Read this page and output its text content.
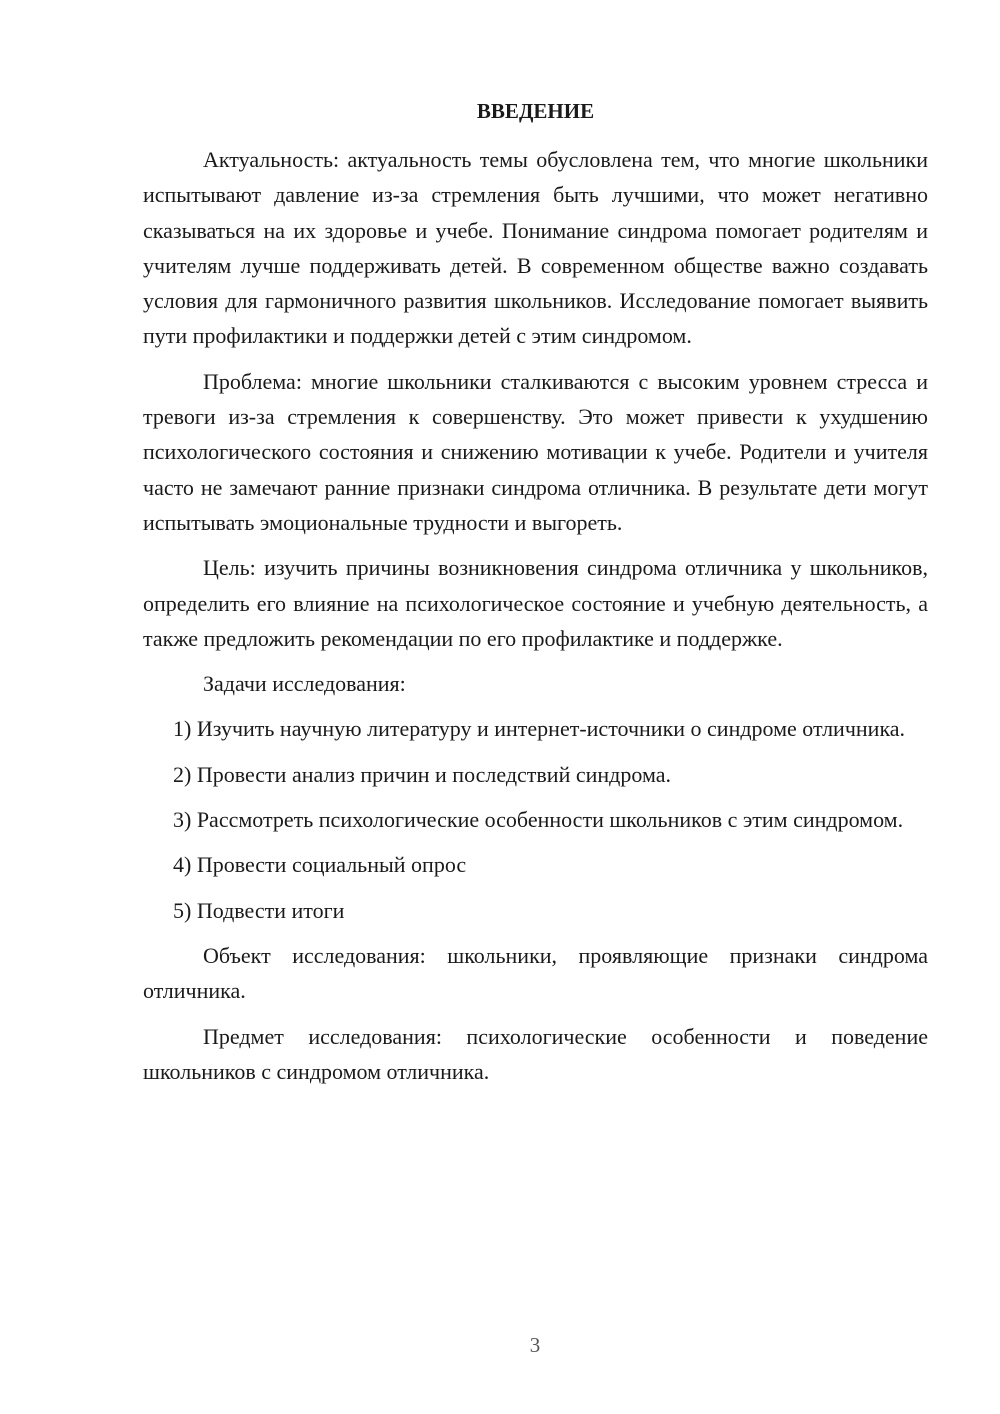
ВВЕДЕНИЕ

Актуальность: актуальность темы обусловлена тем, что многие школьники испытывают давление из-за стремления быть лучшими, что может негативно сказываться на их здоровье и учебе. Понимание синдрома помогает родителям и учителям лучше поддерживать детей. В современном обществе важно создавать условия для гармоничного развития школьников. Исследование помогает выявить пути профилактики и поддержки детей с этим синдромом.

Проблема: многие школьники сталкиваются с высоким уровнем стресса и тревоги из-за стремления к совершенству. Это может привести к ухудшению психологического состояния и снижению мотивации к учебе. Родители и учителя часто не замечают ранние признаки синдрома отличника. В результате дети могут испытывать эмоциональные трудности и выгореть.

Цель: изучить причины возникновения синдрома отличника у школьников, определить его влияние на психологическое состояние и учебную деятельность, а также предложить рекомендации по его профилактике и поддержке.

Задачи исследования:

1) Изучить научную литературу и интернет-источники о синдроме отличника.

2) Провести анализ причин и последствий синдрома.

3) Рассмотреть психологические особенности школьников с этим синдромом.

4) Провести социальный опрос

5) Подвести итоги

Объект исследования: школьники, проявляющие признаки синдрома отличника.

Предмет исследования: психологические особенности и поведение школьников с синдромом отличника.

3
